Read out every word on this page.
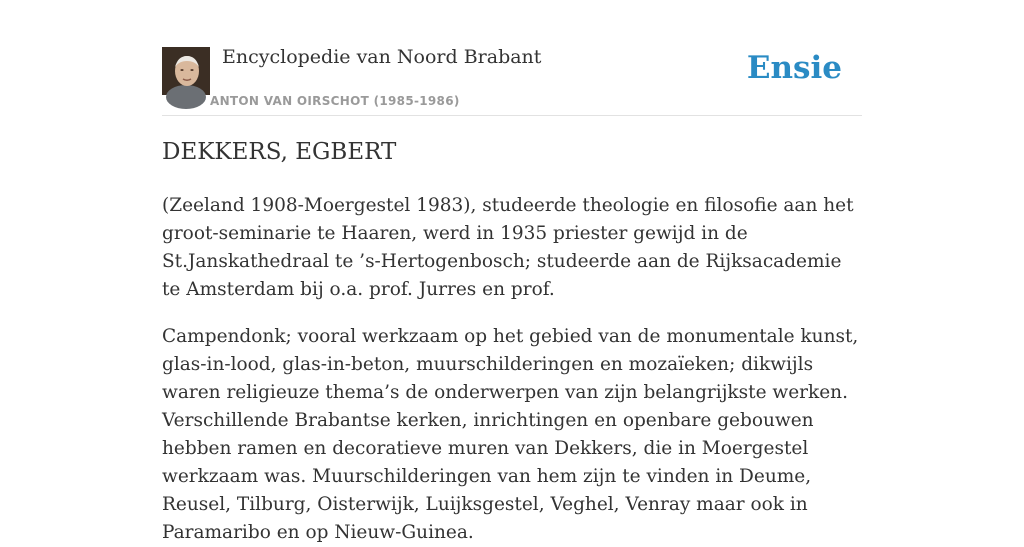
Encyclopedie van Noord Brabant
ANTON VAN OIRSCHOT (1985-1986)
Ensie
DEKKERS, EGBERT

(Zeeland 1908-Moergestel 1983), studeerde theologie en filosofie aan het groot-seminarie te Haaren, werd in 1935 priester gewijd in de St.Janskathedraal te ’s-Hertogenbosch; studeerde aan de Rijksacademie te Amsterdam bij o.a. prof. Jurres en prof.

Campendonk; vooral werkzaam op het gebied van de monumentale kunst, glas-in-lood, glas-in-beton, muurschilderingen en mozaïeken; dikwijls waren religieuze thema’s de onderwerpen van zijn belangrijkste werken. Verschillende Brabantse kerken, inrichtingen en openbare gebouwen hebben ramen en decoratieve muren van Dekkers, die in Moergestel werkzaam was. Muurschilderingen van hem zijn te vinden in Deume, Reusel, Tilburg, Oisterwijk, Luijksgestel, Veghel, Venray maar ook in Paramaribo en op Nieuw-Guinea.
